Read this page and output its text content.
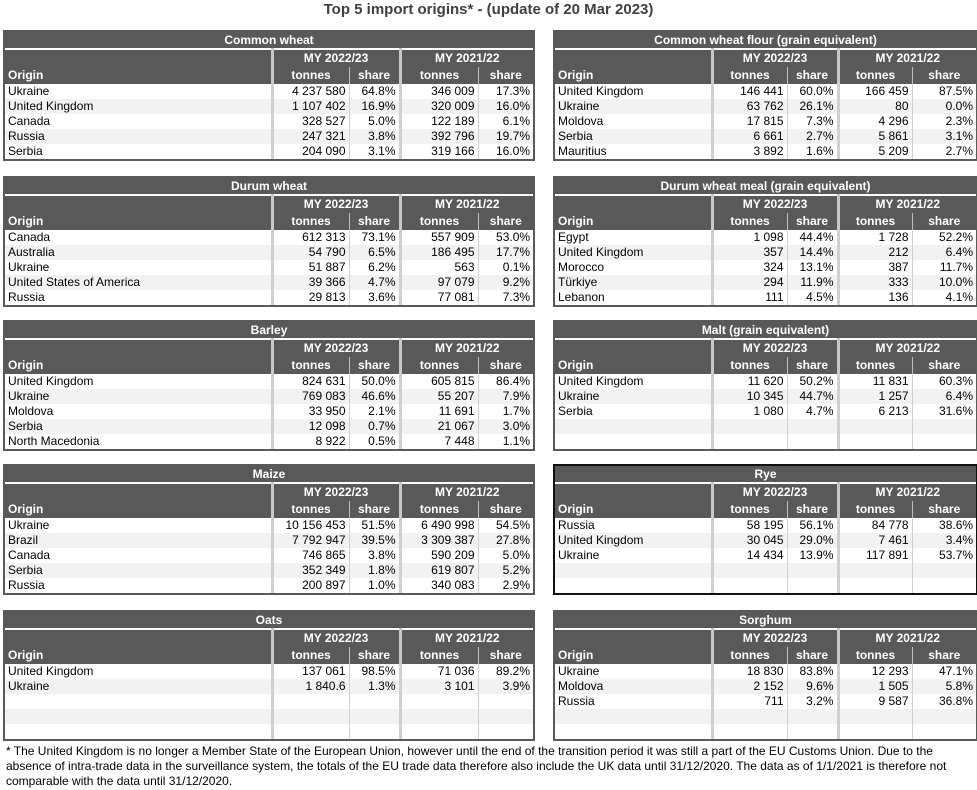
Top 5 import origins* - (update of 20 Mar 2023)
Common wheat				
	MY 2022/23		MY 2021/22	
Origin	tonnes	share	tonnes	share
Ukraine	4 237 580	64.8%	346 009	17.3%
United Kingdom	1 107 402	16.9%	320 009	16.0%
Canada	328 527	5.0%	122 189	6.1%
Russia	247 321	3.8%	392 796	19.7%
Serbia	204 090	3.1%	319 166	16.0%
Common wheat flour (grain equivalent)				
	MY 2022/23		MY 2021/22	
Origin	tonnes	share	tonnes	share
United Kingdom	146 441	60.0%	166 459	87.5%
Ukraine	63 762	26.1%	80	0.0%
Moldova	17 815	7.3%	4 296	2.3%
Serbia	6 661	2.7%	5 861	3.1%
Mauritius	3 892	1.6%	5 209	2.7%
Durum wheat				
	MY 2022/23		MY 2021/22	
Origin	tonnes	share	tonnes	share
Canada	612 313	73.1%	557 909	53.0%
Australia	54 790	6.5%	186 495	17.7%
Ukraine	51 887	6.2%	563	0.1%
United States of America	39 366	4.7%	97 079	9.2%
Russia	29 813	3.6%	77 081	7.3%
Durum wheat meal (grain equivalent)				
	MY 2022/23		MY 2021/22	
Origin	tonnes	share	tonnes	share
Egypt	1 098	44.4%	1 728	52.2%
United Kingdom	357	14.4%	212	6.4%
Morocco	324	13.1%	387	11.7%
Türkiye	294	11.9%	333	10.0%
Lebanon	111	4.5%	136	4.1%
Barley				
	MY 2022/23		MY 2021/22	
Origin	tonnes	share	tonnes	share
United Kingdom	824 631	50.0%	605 815	86.4%
Ukraine	769 083	46.6%	55 207	7.9%
Moldova	33 950	2.1%	11 691	1.7%
Serbia	12 098	0.7%	21 067	3.0%
North Macedonia	8 922	0.5%	7 448	1.1%
Malt (grain equivalent)				
	MY 2022/23		MY 2021/22	
Origin	tonnes	share	tonnes	share
United Kingdom	11 620	50.2%	11 831	60.3%
Ukraine	10 345	44.7%	1 257	6.4%
Serbia	1 080	4.7%	6 213	31.6%

Maize				
	MY 2022/23		MY 2021/22	
Origin	tonnes	share	tonnes	share
Ukraine	10 156 453	51.5%	6 490 998	54.5%
Brazil	7 792 947	39.5%	3 309 387	27.8%
Canada	746 865	3.8%	590 209	5.0%
Serbia	352 349	1.8%	619 807	5.2%
Russia	200 897	1.0%	340 083	2.9%
Rye				
	MY 2022/23		MY 2021/22	
Origin	tonnes	share	tonnes	share
Russia	58 195	56.1%	84 778	38.6%
United Kingdom	30 045	29.0%	7 461	3.4%
Ukraine	14 434	13.9%	117 891	53.7%

Oats				
	MY 2022/23		MY 2021/22	
Origin	tonnes	share	tonnes	share
United Kingdom	137 061	98.5%	71 036	89.2%
Ukraine	1 840.6	1.3%	3 101	3.9%

Sorghum				
	MY 2022/23		MY 2021/22	
Origin	tonnes	share	tonnes	share
Ukraine	18 830	83.8%	12 293	47.1%
Moldova	2 152	9.6%	1 505	5.8%
Russia	711	3.2%	9 587	36.8%

* The United Kingdom is no longer a Member State of the European Union, however until the end of the transition period it was still a part of the EU Customs Union. Due to the absence of intra-trade data in the surveillance system, the totals of the EU trade data therefore also include the UK data until 31/12/2020. The data as of 1/1/2021 is therefore not comparable with the data until 31/12/2020.
